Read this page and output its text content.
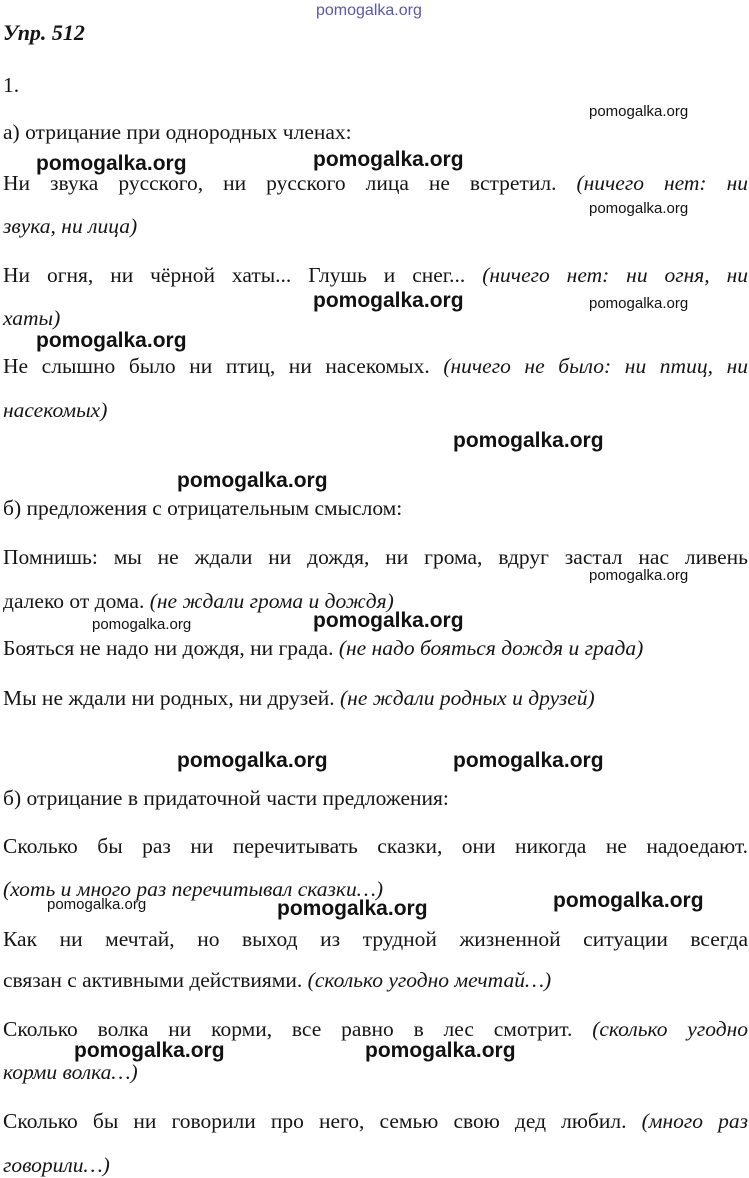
pomogalka.org

Упр. 512

1.

а) отрицание при однородных членах:

Ни звука русского, ни русского лица не встретил. (ничего нет: ни

звука, ни лица)

Ни огня, ни чёрной хаты... Глушь и снег... (ничего нет: ни огня, ни

хаты)

Не слышно было ни птиц, ни насекомых. (ничего не было: ни птиц, ни

насекомых)

б) предложения с отрицательным смыслом:

Помнишь: мы не ждали ни дождя, ни грома, вдруг застал нас ливень

далеко от дома. (не ждали грома и дождя)

Бояться не надо ни дождя, ни града. (не надо бояться дождя и града)

Мы не ждали ни родных, ни друзей. (не ждали родных и друзей)

б) отрицание в придаточной части предложения:

Сколько бы раз ни перечитывать сказки, они никогда не надоедают.

(хоть и много раз перечитывал сказки…)

Как ни мечтай, но выход из трудной жизненной ситуации всегда

связан с активными действиями. (сколько угодно мечтай…)

Сколько волка ни корми, все равно в лес смотрит. (сколько угодно

корми волка…)

Сколько бы ни говорили про него, семью свою дед любил. (много раз

говорили…)

pomogalka.org

pomogalka.org	pomogalka.org

pomogalka.org

pomogalka.org	pomogalka.org

pomogalka.org

pomogalka.org

pomogalka.org

pomogalka.org

pomogalka.org	pomogalka.org

pomogalka.org	pomogalka.org

pomogalka.org	pomogalka.org	pomogalka.org

pomogalka.org	pomogalka.org
